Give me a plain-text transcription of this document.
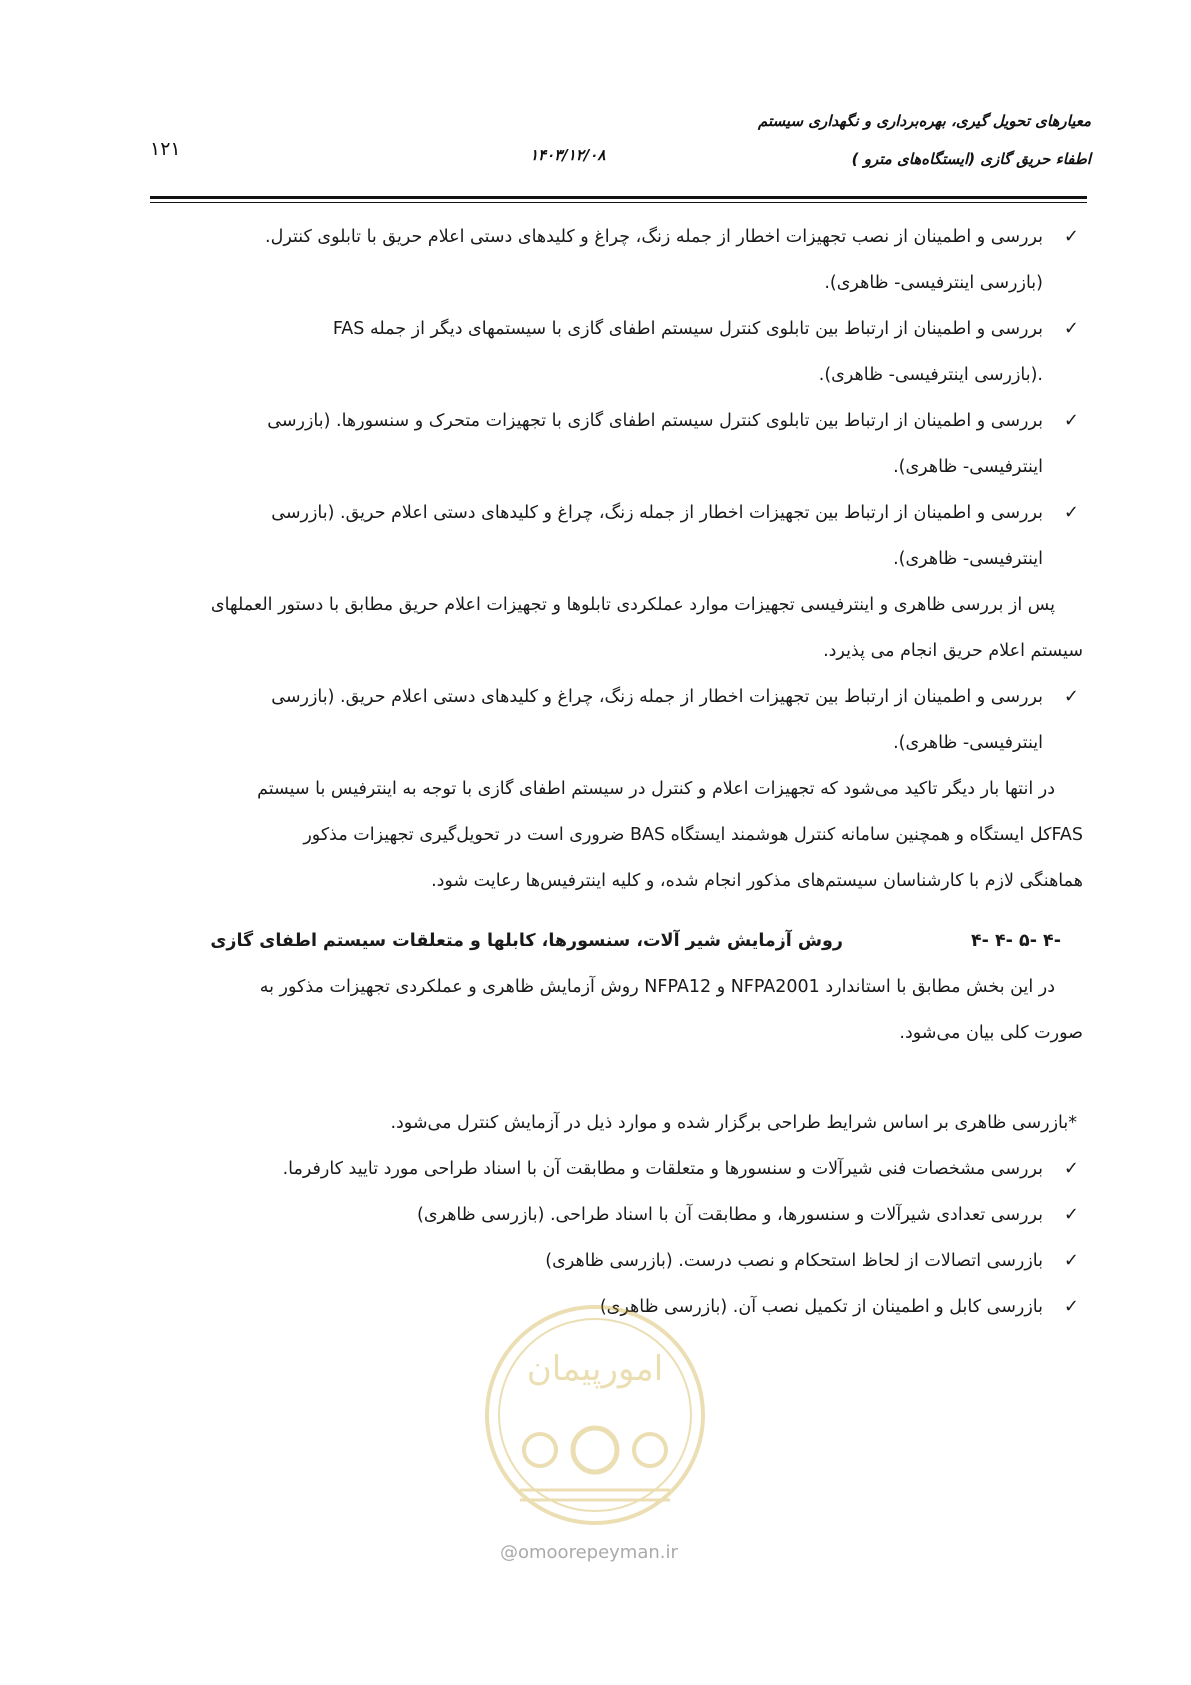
معیارهای تحویل گیری، بهره‌برداری و نگهداری سیستم
اطفاء حریق گازی (ایستگاه‌های مترو )
۱۴۰۳/۱۲/۰۸
۱۲۱
✓
بررسی و اطمینان از نصب تجهیزات اخطار از جمله زنگ، چراغ و کلیدهای دستی اعلام حریق با تابلوی کنترل.
(بازرسی اینترفیسی- ظاهری).
✓
بررسی و اطمینان از ارتباط بین تابلوی کنترل سیستم اطفای گازی با سیستمهای دیگر از جمله FAS
.(بازرسی اینترفیسی- ظاهری).
✓
بررسی و اطمینان از ارتباط بین تابلوی کنترل سیستم اطفای گازی با تجهیزات متحرک و سنسورها. (بازرسی
اینترفیسی- ظاهری).
✓
بررسی و اطمینان از ارتباط بین تجهیزات اخطار از جمله زنگ، چراغ و کلیدهای دستی اعلام حریق. (بازرسی
اینترفیسی- ظاهری).
پس از بررسی ظاهری و اینترفیسی تجهیزات موارد عملکردی تابلوها و تجهیزات اعلام حریق مطابق با دستور العملهای
سیستم اعلام حریق انجام می پذیرد.
✓
بررسی و اطمینان از ارتباط بین تجهیزات اخطار از جمله زنگ، چراغ و کلیدهای دستی اعلام حریق. (بازرسی
اینترفیسی- ظاهری).
در انتها بار دیگر تاکید می‌شود که تجهیزات اعلام و کنترل در سیستم اطفای گازی با توجه به اینترفیس با سیستم
FASکل ایستگاه و همچنین سامانه کنترل هوشمند ایستگاه BAS ضروری است در تحویل‌گیری تجهیزات مذکور
هماهنگی لازم با کارشناسان سیستم‌های مذکور انجام شده، و کلیه اینترفیس‌ها رعایت شود.
۴- ۴- ۵- ۴-
روش آزمایش شیر آلات، سنسورها، کابلها و متعلقات سیستم اطفای گازی
در این بخش مطابق با استاندارد NFPA2001 و NFPA12 روش آزمایش ظاهری و عملکردی تجهیزات مذکور به
صورت کلی بیان می‌شود.
*بازرسی ظاهری بر اساس شرایط طراحی برگزار شده و موارد ذیل در آزمایش کنترل می‌شود.
✓
بررسی مشخصات فنی شیرآلات و سنسورها و متعلقات و مطابقت آن با اسناد طراحی مورد تایید کارفرما.
✓
بررسی تعدادی شیرآلات و سنسورها، و مطابقت آن با اسناد طراحی. (بازرسی ظاهری)
✓
بازرسی اتصالات از لحاظ استحکام و نصب درست. (بازرسی ظاهری)
✓
بازرسی کابل و اطمینان از تکمیل نصب آن. (بازرسی ظاهری)
امورپیمان
@omoorepeyman.ir
